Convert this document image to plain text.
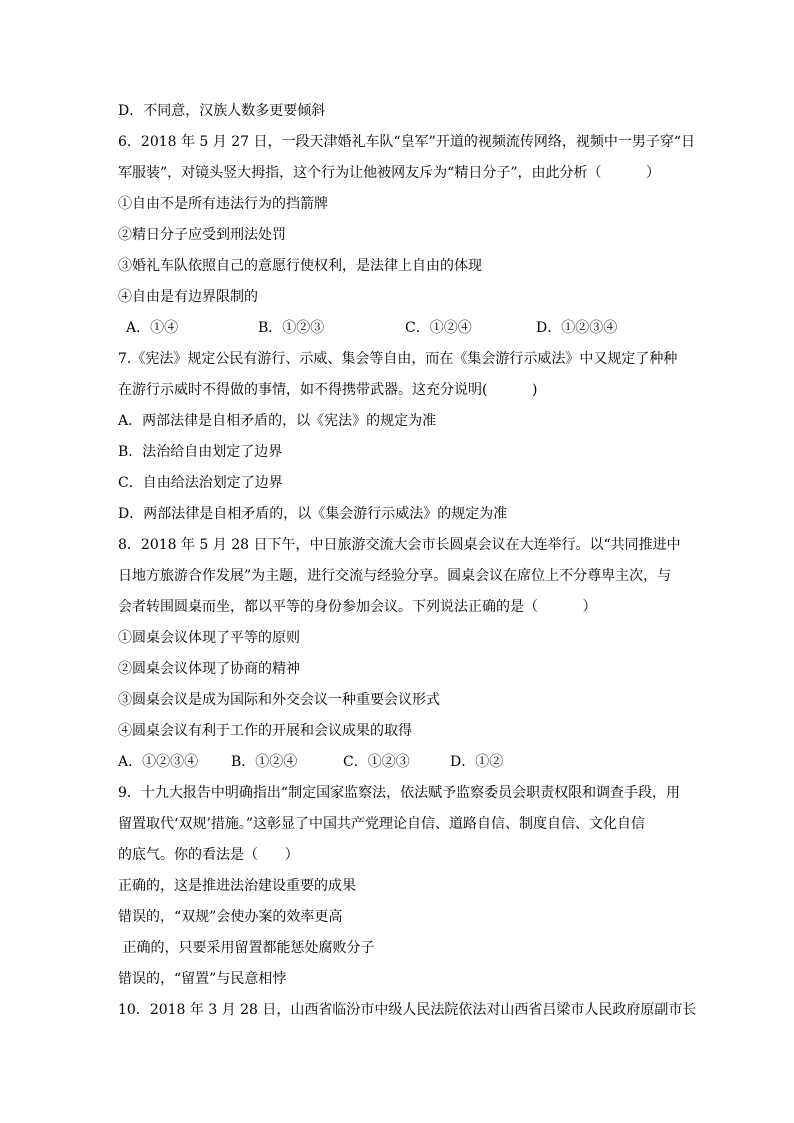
D．不同意，汉族人数多更要倾斜
6．2018 年 5 月 27 日，一段天津婚礼车队“皇军”开道的视频流传网络，视频中一男子穿“日
军服装”，对镜头竖大拇指，这个行为让他被网友斥为“精日分子”，由此分析（          ）
①自由不是所有违法行为的挡箭牌
②精日分子应受到刑法处罚
③婚礼车队依照自己的意愿行使权利，是法律上自由的体现
④自由是有边界限制的
A．①④	B．①②③	C．①②④	D．①②③④
7.《宪法》规定公民有游行、示威、集会等自由，而在《集会游行示威法》中又规定了种种
在游行示威时不得做的事情，如不得携带武器。这充分说明(          )
A．两部法律是自相矛盾的，以《宪法》的规定为准
B．法治给自由划定了边界
C．自由给法治划定了边界
D．两部法律是自相矛盾的，以《集会游行示威法》的规定为准
8．2018 年 5 月 28 日下午，中日旅游交流大会市长圆桌会议在大连举行。以“共同推进中
日地方旅游合作发展”为主题，进行交流与经验分享。圆桌会议在席位上不分尊卑主次，与
会者转围圆桌而坐，都以平等的身份参加会议。下列说法正确的是（          ）
①圆桌会议体现了平等的原则
②圆桌会议体现了协商的精神
③圆桌会议是成为国际和外交会议一种重要会议形式
④圆桌会议有利于工作的开展和会议成果的取得
A．①②③④ B．①②④	C．①②③	D．①②
9．十九大报告中明确指出“制定国家监察法，依法赋予监察委员会职责权限和调查手段，用
留置取代‘双规’措施。”这彰显了中国共产党理论自信、道路自信、制度自信、文化自信
的底气。你的看法是（      ）
正确的，这是推进法治建设重要的成果
错误的，“双规”会使办案的效率更高
正确的，只要采用留置都能惩处腐败分子
错误的，“留置”与民意相悖
10．2018 年 3 月 28 日，山西省临汾市中级人民法院依法对山西省吕梁市人民政府原副市长
